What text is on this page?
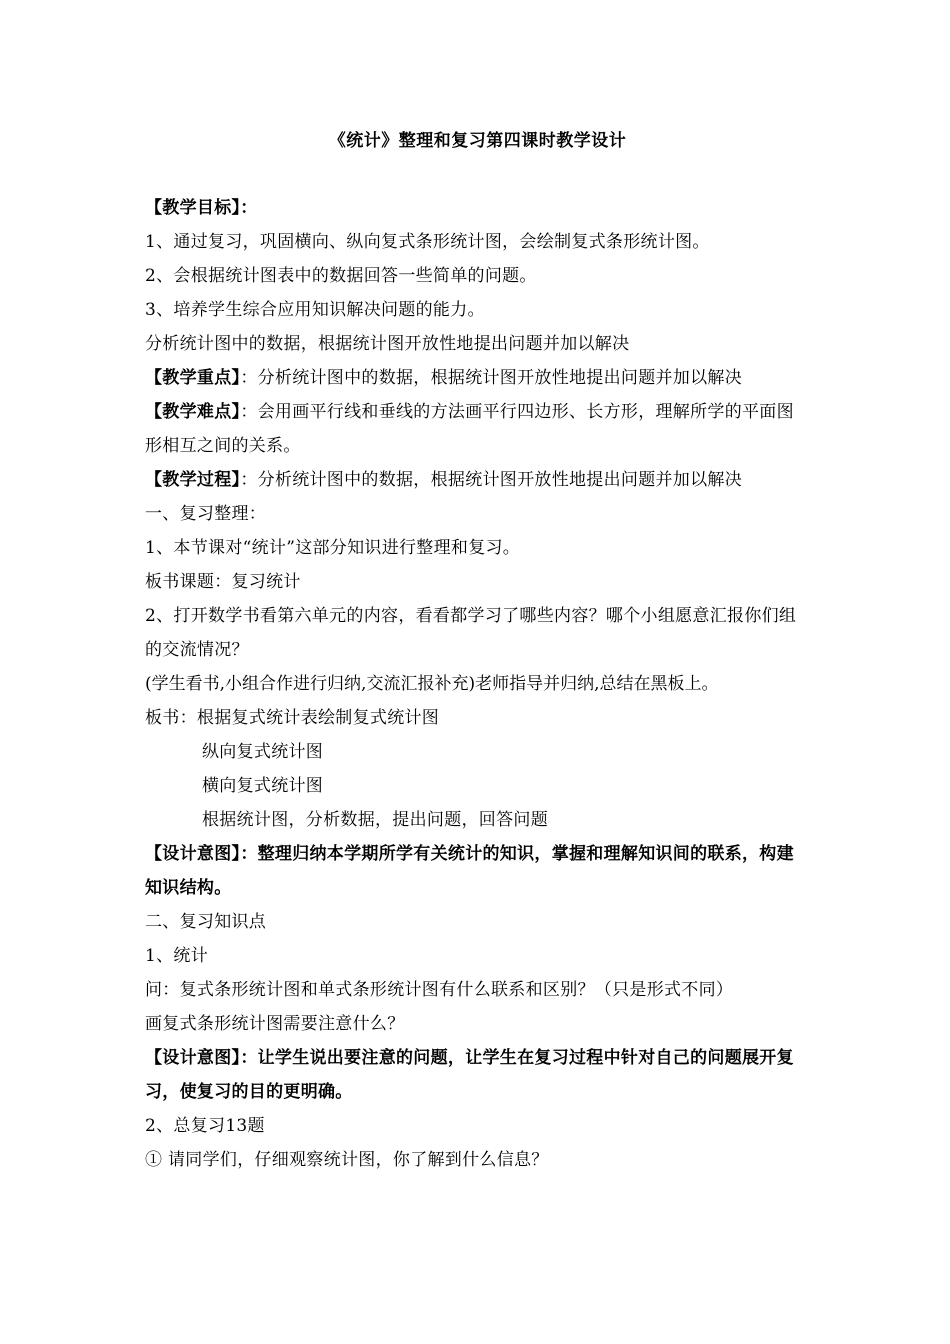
《统计》整理和复习第四课时教学设计
【教学目标】：
1、通过复习，巩固横向、纵向复式条形统计图，会绘制复式条形统计图。
2、会根据统计图表中的数据回答一些简单的问题。
3、培养学生综合应用知识解决问题的能力。
分析统计图中的数据，根据统计图开放性地提出问题并加以解决
【教学重点】：分析统计图中的数据，根据统计图开放性地提出问题并加以解决
【教学难点】：会用画平行线和垂线的方法画平行四边形、长方形，理解所学的平面图形相互之间的关系。
【教学过程】：分析统计图中的数据，根据统计图开放性地提出问题并加以解决
一、复习整理：
1、本节课对“统计”这部分知识进行整理和复习。
板书课题：复习统计
2、打开数学书看第六单元的内容，看看都学习了哪些内容？哪个小组愿意汇报你们组的交流情况？
(学生看书,小组合作进行归纳,交流汇报补充)老师指导并归纳,总结在黑板上。
板书：根据复式统计表绘制复式统计图
纵向复式统计图
横向复式统计图
根据统计图，分析数据，提出问题，回答问题
【设计意图】：整理归纳本学期所学有关统计的知识，掌握和理解知识间的联系，构建知识结构。
二、复习知识点
1、统计
问：复式条形统计图和单式条形统计图有什么联系和区别？（只是形式不同）
画复式条形统计图需要注意什么？
【设计意图】：让学生说出要注意的问题，让学生在复习过程中针对自己的问题展开复习，使复习的目的更明确。
2、总复习13题
① 请同学们，仔细观察统计图，你了解到什么信息？
